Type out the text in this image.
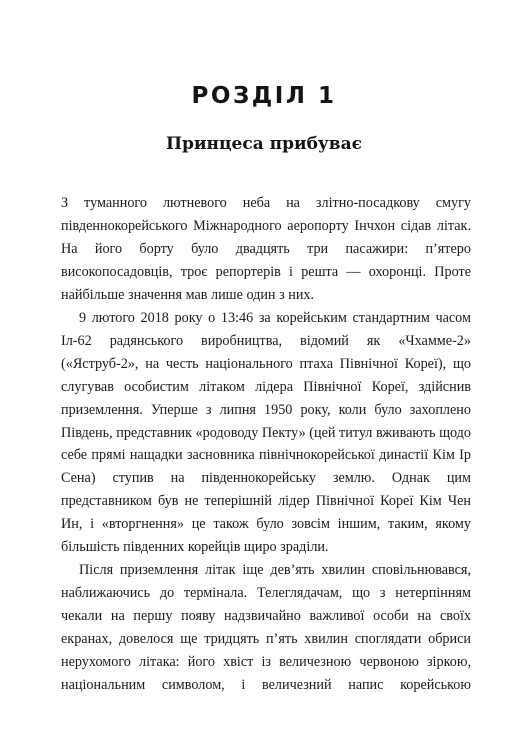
РОЗДІЛ 1
Принцеса прибуває

З туманного лютневого неба на злітно-посадкову смугу південнокорейського Міжнародного аеропорту Інчхон сідав літак. На його борту було двадцять три пасажири: п’ятеро високопосадовців, троє репортерів і решта — охоронці. Проте найбільше значення мав лише один з них.

9 лютого 2018 року о 13:46 за корейським стандартним часом Іл-62 радянського виробництва, відомий як «Чхамме-2» («Яструб-2», на честь національного птаха Північної Кореї), що слугував особистим літаком лідера Північної Кореї, здійснив приземлення. Уперше з липня 1950 року, коли було захоплено Південь, представник «родоводу Пекту» (цей титул вживають щодо себе прямі нащадки засновника північнокорейської династії Кім Ір Сена) ступив на південнокорейську землю. Однак цим представником був не теперішній лідер Північної Кореї Кім Чен Ин, і «вторгнення» це також було зовсім іншим, таким, якому більшість південних корейців щиро зраділи.

Після приземлення літак іще дев’ять хвилин сповільнювався, наближаючись до термінала. Телеглядачам, що з нетерпінням чекали на першу появу надзвичайно важливої особи на своїх екранах, довелося ще тридцять п’ять хвилин споглядати обриси нерухомого літака: його хвіст із величезною червоною зіркою, національним символом, і величезний напис корейською
